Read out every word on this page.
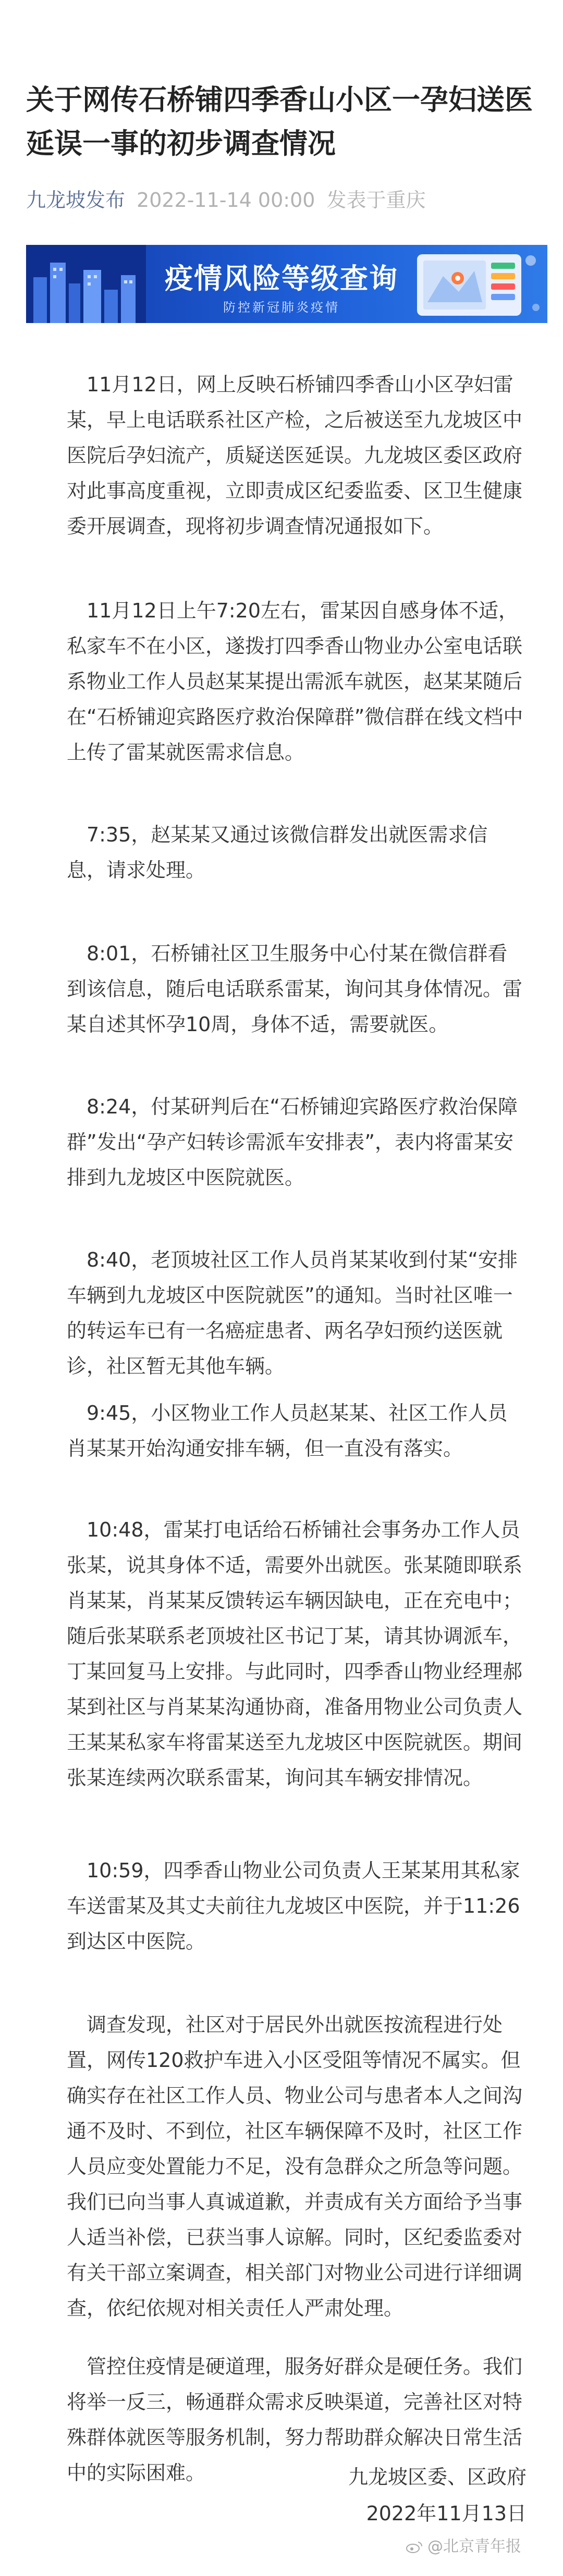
关于网传石桥铺四季香山小区一孕妇送医延误一事的初步调查情况
九龙坡发布 2022-11-14 00:00 发表于重庆
疫情风险等级查询
防控新冠肺炎疫情

11月12日，网上反映石桥铺四季香山小区孕妇雷某，早上电话联系社区产检，之后被送至九龙坡区中医院后孕妇流产，质疑送医延误。九龙坡区委区政府对此事高度重视，立即责成区纪委监委、区卫生健康委开展调查，现将初步调查情况通报如下。

11月12日上午7:20左右，雷某因自感身体不适，私家车不在小区，遂拨打四季香山物业办公室电话联系物业工作人员赵某某提出需派车就医，赵某某随后在“石桥铺迎宾路医疗救治保障群”微信群在线文档中上传了雷某就医需求信息。

7:35，赵某某又通过该微信群发出就医需求信息，请求处理。

8:01，石桥铺社区卫生服务中心付某在微信群看到该信息，随后电话联系雷某，询问其身体情况。雷某自述其怀孕10周，身体不适，需要就医。

8:24，付某研判后在“石桥铺迎宾路医疗救治保障群”发出“孕产妇转诊需派车安排表”，表内将雷某安排到九龙坡区中医院就医。

8:40，老顶坡社区工作人员肖某某收到付某“安排车辆到九龙坡区中医院就医”的通知。当时社区唯一的转运车已有一名癌症患者、两名孕妇预约送医就诊，社区暂无其他车辆。

9:45，小区物业工作人员赵某某、社区工作人员肖某某开始沟通安排车辆，但一直没有落实。

10:48，雷某打电话给石桥铺社会事务办工作人员张某，说其身体不适，需要外出就医。张某随即联系肖某某，肖某某反馈转运车辆因缺电，正在充电中；随后张某联系老顶坡社区书记丁某，请其协调派车，丁某回复马上安排。与此同时，四季香山物业经理郝某到社区与肖某某沟通协商，准备用物业公司负责人王某某私家车将雷某送至九龙坡区中医院就医。期间张某连续两次联系雷某，询问其车辆安排情况。

10:59，四季香山物业公司负责人王某某用其私家车送雷某及其丈夫前往九龙坡区中医院，并于11:26到达区中医院。

调查发现，社区对于居民外出就医按流程进行处置，网传120救护车进入小区受阻等情况不属实。但确实存在社区工作人员、物业公司与患者本人之间沟通不及时、不到位，社区车辆保障不及时，社区工作人员应变处置能力不足，没有急群众之所急等问题。我们已向当事人真诚道歉，并责成有关方面给予当事人适当补偿，已获当事人谅解。同时，区纪委监委对有关干部立案调查，相关部门对物业公司进行详细调查，依纪依规对相关责任人严肃处理。

管控住疫情是硬道理，服务好群众是硬任务。我们将举一反三，畅通群众需求反映渠道，完善社区对特殊群体就医等服务机制，努力帮助群众解决日常生活中的实际困难。	九龙坡区委、区政府

2022年11月13日

@北京青年报
